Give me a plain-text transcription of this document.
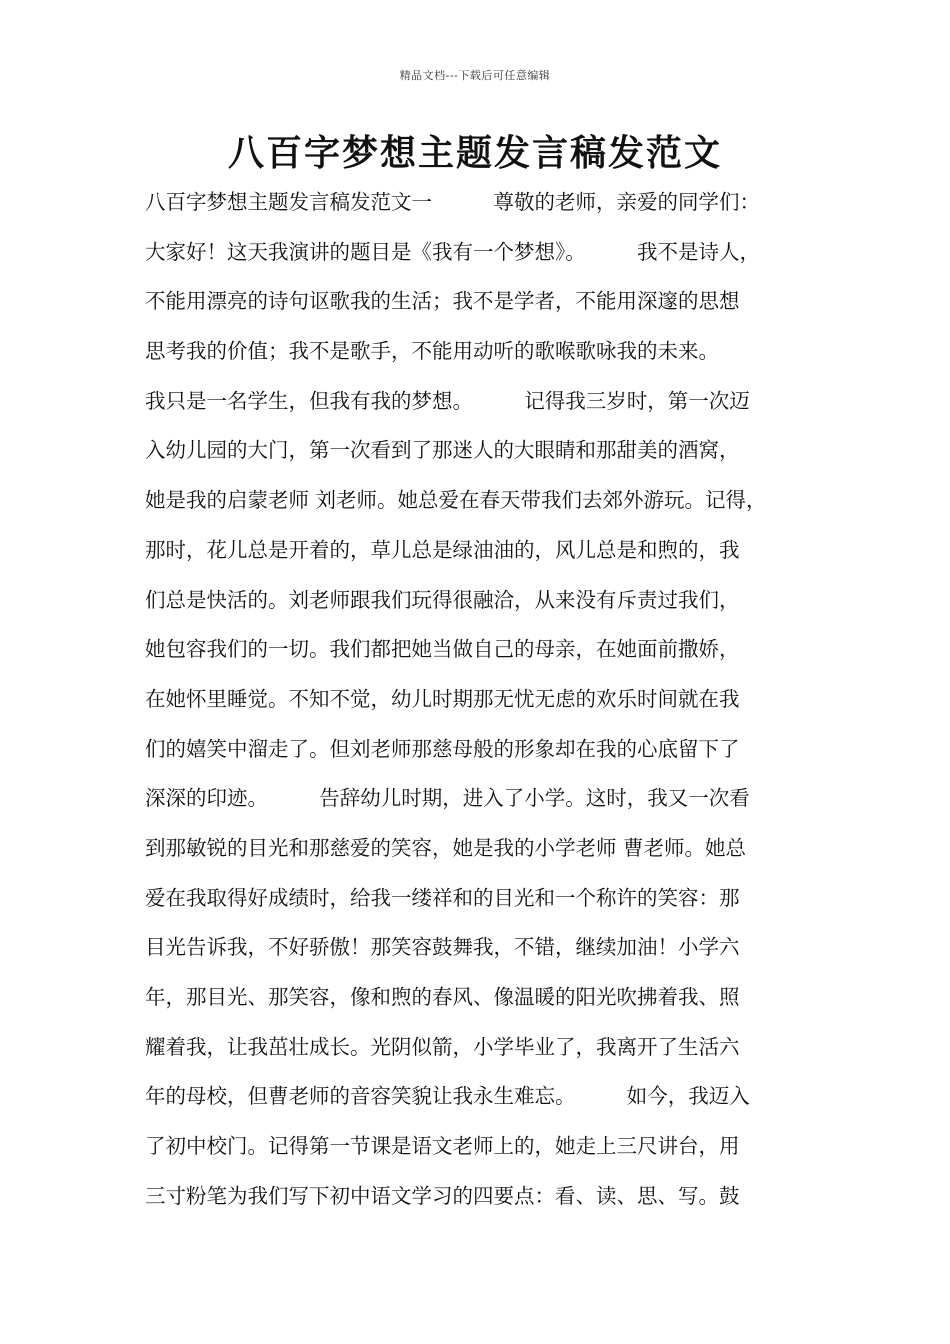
精品文档---下载后可任意编辑
八百字梦想主题发言稿发范文
八百字梦想主题发言稿发范文一　　　尊敬的老师，亲爱的同学们：
大家好！这天我演讲的题目是《我有一个梦想》。　　　我不是诗人，
不能用漂亮的诗句讴歌我的生活；我不是学者，不能用深邃的思想
思考我的价值；我不是歌手，不能用动听的歌喉歌咏我的未来。
我只是一名学生，但我有我的梦想。　　　记得我三岁时，第一次迈
入幼儿园的大门，第一次看到了那迷人的大眼睛和那甜美的酒窝，
她是我的启蒙老师 刘老师。她总爱在春天带我们去郊外游玩。记得，
那时，花儿总是开着的，草儿总是绿油油的，风儿总是和煦的，我
们总是快活的。刘老师跟我们玩得很融洽，从来没有斥责过我们，
她包容我们的一切。我们都把她当做自己的母亲，在她面前撒娇，
在她怀里睡觉。不知不觉，幼儿时期那无忧无虑的欢乐时间就在我
们的嬉笑中溜走了。但刘老师那慈母般的形象却在我的心底留下了
深深的印迹。　　　告辞幼儿时期，进入了小学。这时，我又一次看
到那敏锐的目光和那慈爱的笑容，她是我的小学老师 曹老师。她总
爱在我取得好成绩时，给我一缕祥和的目光和一个称许的笑容：那
目光告诉我，不好骄傲！那笑容鼓舞我，不错，继续加油！小学六
年，那目光、那笑容，像和煦的春风、像温暖的阳光吹拂着我、照
耀着我，让我茁壮成长。光阴似箭，小学毕业了，我离开了生活六
年的母校，但曹老师的音容笑貌让我永生难忘。　　　如今，我迈入
了初中校门。记得第一节课是语文老师上的，她走上三尺讲台，用
三寸粉笔为我们写下初中语文学习的四要点：看、读、思、写。鼓
